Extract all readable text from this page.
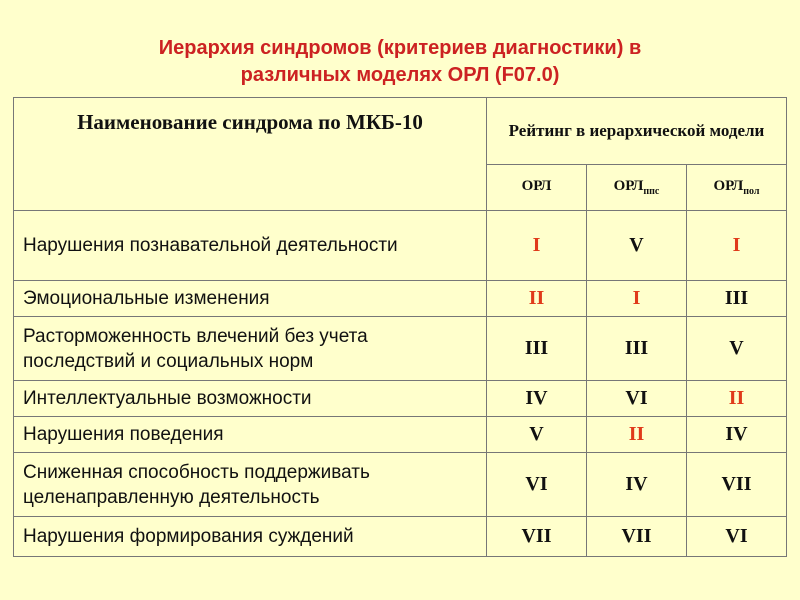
Иерархия синдромов (критериев диагностики) в
различных моделях ОРЛ (F07.0)
Наименование синдрома по МКБ-10	Рейтинг в иерархической модели		
	ОРЛ	$ОРЛ_{ппс}$	$ОРЛ_{пол}$
Нарушения познавательной деятельности	I	V	I
Эмоциональные изменения	II	I	III
Расторможенность влечений без учета последствий и социальных норм	III	III	V
Интеллектуальные возможности	IV	VI	II
Нарушения поведения	V	II	IV
Сниженная способность поддерживать целенаправленную деятельность	VI	IV	VII
Нарушения формирования суждений	VII	VII	VI
